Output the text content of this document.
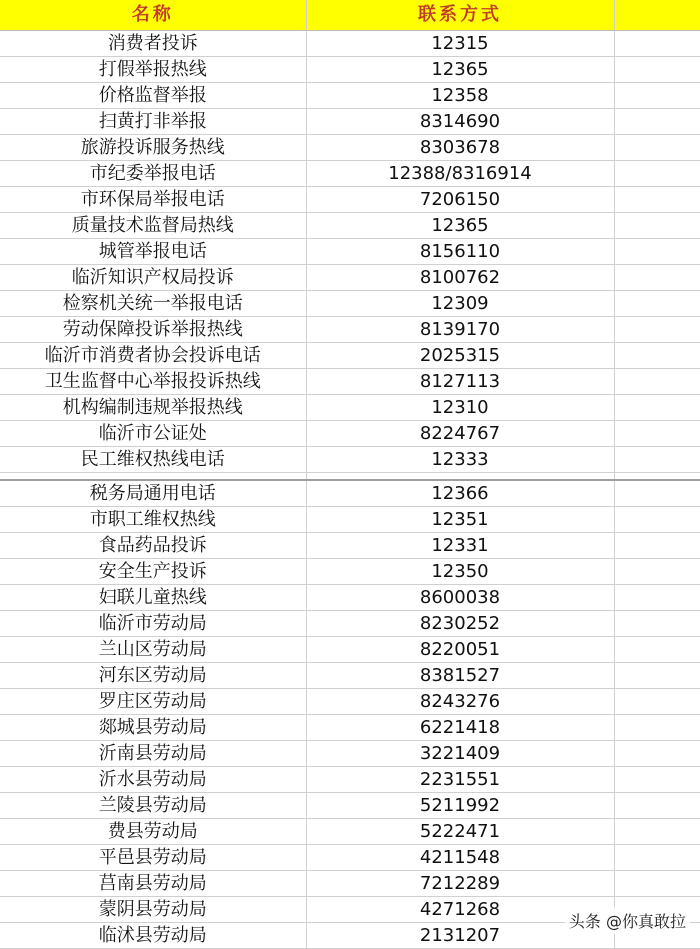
名称	联系方式	
消费者投诉	12315	
打假举报热线	12365	
价格监督举报	12358	
扫黄打非举报	8314690	
旅游投诉服务热线	8303678	
市纪委举报电话	12388/8316914	
市环保局举报电话	7206150	
质量技术监督局热线	12365	
城管举报电话	8156110	
临沂知识产权局投诉	8100762	
检察机关统一举报电话	12309	
劳动保障投诉举报热线	8139170	
临沂市消费者协会投诉电话	2025315	
卫生监督中心举报投诉热线	8127113	
机构编制违规举报热线	12310	
临沂市公证处	8224767	
民工维权热线电话	12333	

税务局通用电话	12366	
市职工维权热线	12351	
食品药品投诉	12331	
安全生产投诉	12350	
妇联儿童热线	8600038	
临沂市劳动局	8230252	
兰山区劳动局	8220051	
河东区劳动局	8381527	
罗庄区劳动局	8243276	
郯城县劳动局	6221418	
沂南县劳动局	3221409	
沂水县劳动局	2231551	
兰陵县劳动局	5211992	
费县劳动局	5222471	
平邑县劳动局	4211548	
莒南县劳动局	7212289	
蒙阴县劳动局	4271268	
临沭县劳动局	2131207	
头条 @你真敢拉
